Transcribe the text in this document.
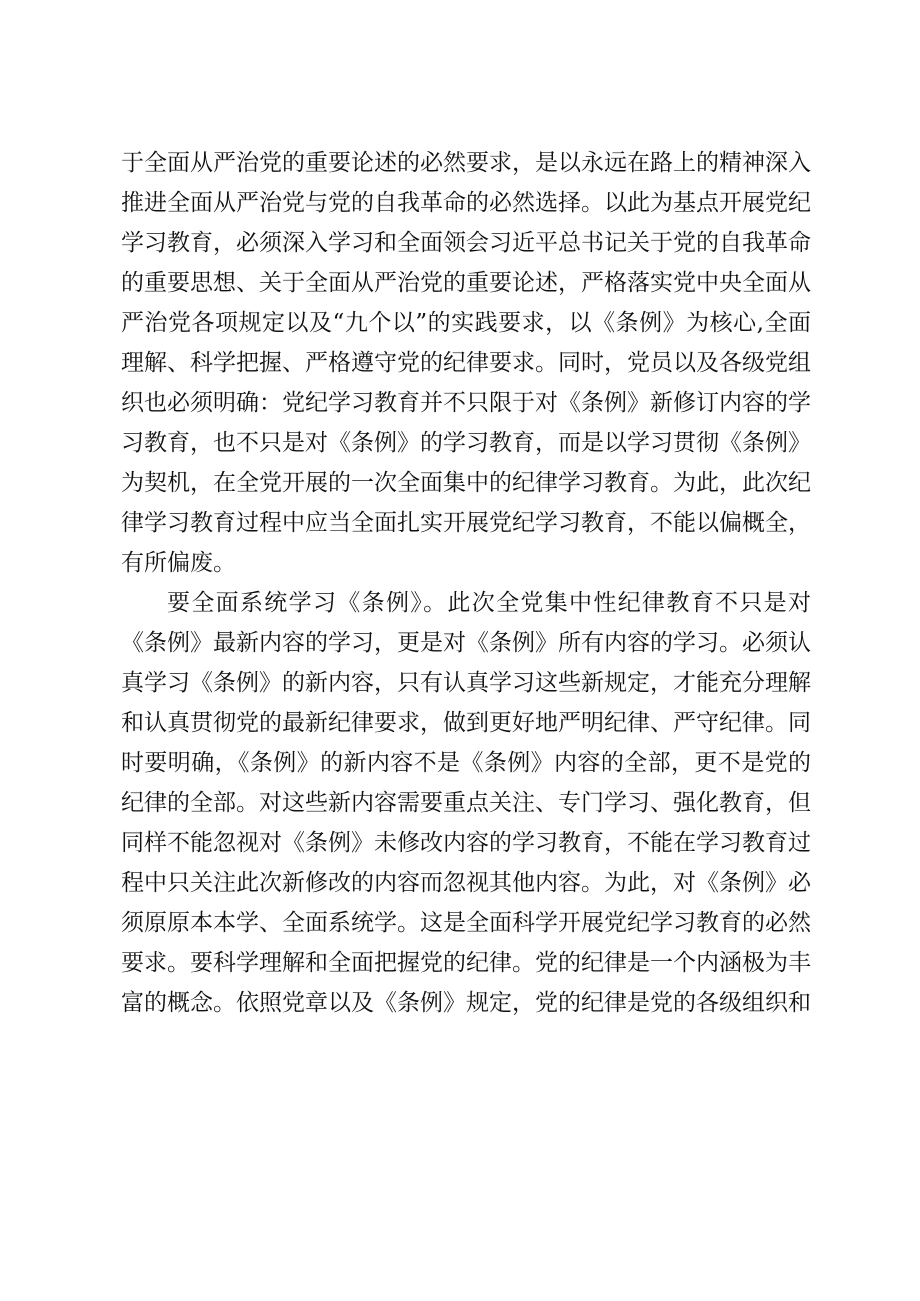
于全面从严治党的重要论述的必然要求，是以永远在路上的精神深入
推进全面从严治党与党的自我革命的必然选择。以此为基点开展党纪
学习教育，必须深入学习和全面领会习近平总书记关于党的自我革命
的重要思想、关于全面从严治党的重要论述，严格落实党中央全面从
严治党各项规定以及“九个以”的实践要求，以《条例》为核心,全面
理解、科学把握、严格遵守党的纪律要求。同时，党员以及各级党组
织也必须明确：党纪学习教育并不只限于对《条例》新修订内容的学
习教育，也不只是对《条例》的学习教育，而是以学习贯彻《条例》
为契机，在全党开展的一次全面集中的纪律学习教育。为此，此次纪
律学习教育过程中应当全面扎实开展党纪学习教育，不能以偏概全，
有所偏废。
要全面系统学习《条例》。此次全党集中性纪律教育不只是对
《条例》最新内容的学习，更是对《条例》所有内容的学习。必须认
真学习《条例》的新内容，只有认真学习这些新规定，才能充分理解
和认真贯彻党的最新纪律要求，做到更好地严明纪律、严守纪律。同
时要明确，《条例》的新内容不是《条例》内容的全部，更不是党的
纪律的全部。对这些新内容需要重点关注、专门学习、强化教育，但
同样不能忽视对《条例》未修改内容的学习教育，不能在学习教育过
程中只关注此次新修改的内容而忽视其他内容。为此，对《条例》必
须原原本本学、全面系统学。这是全面科学开展党纪学习教育的必然
要求。要科学理解和全面把握党的纪律。党的纪律是一个内涵极为丰
富的概念。依照党章以及《条例》规定，党的纪律是党的各级组织和
